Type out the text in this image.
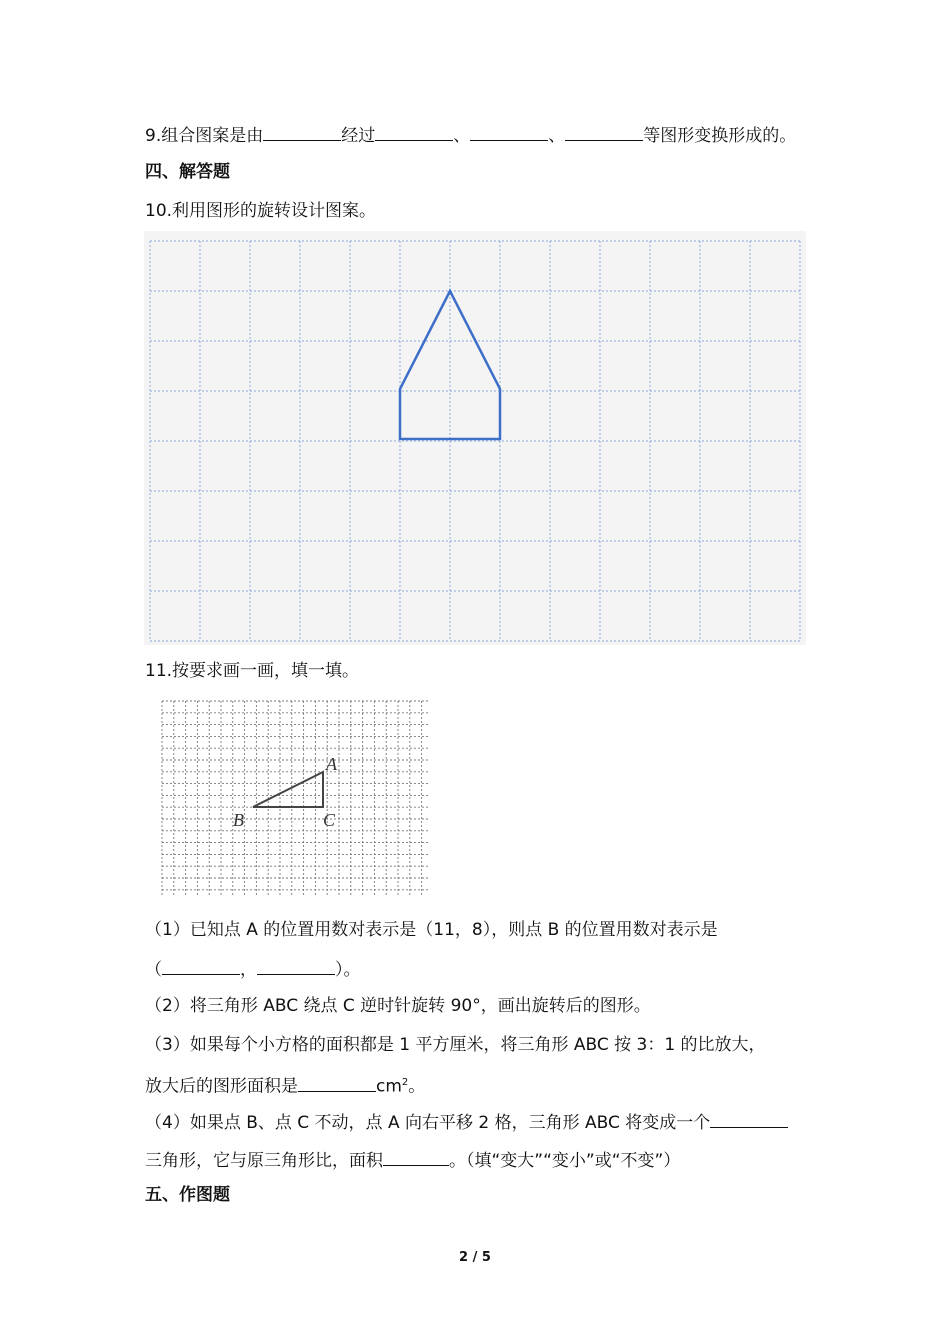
9.组合图案是由	经过	、	、	等图形变换形成的。
四、解答题
10.利用图形的旋转设计图案。
11.按要求画一画，填一填。
A
B	C
（1）已知点 A 的位置用数对表示是（11，8），则点 B 的位置用数对表示是
（	，	）。
（2）将三角形 ABC 绕点 C 逆时针旋转 90°，画出旋转后的图形。
（3）如果每个小方格的面积都是 1 平方厘米，将三角形 ABC 按 3：1 的比放大，
放大后的图形面积是	$cm^2$。
（4）如果点 B、点 C 不动，点 A 向右平移 2 格，三角形 ABC 将变成一个
三角形，它与原三角形比，面积	。（填“变大”“变小”或“不变”）
五、作图题
2 / 5
